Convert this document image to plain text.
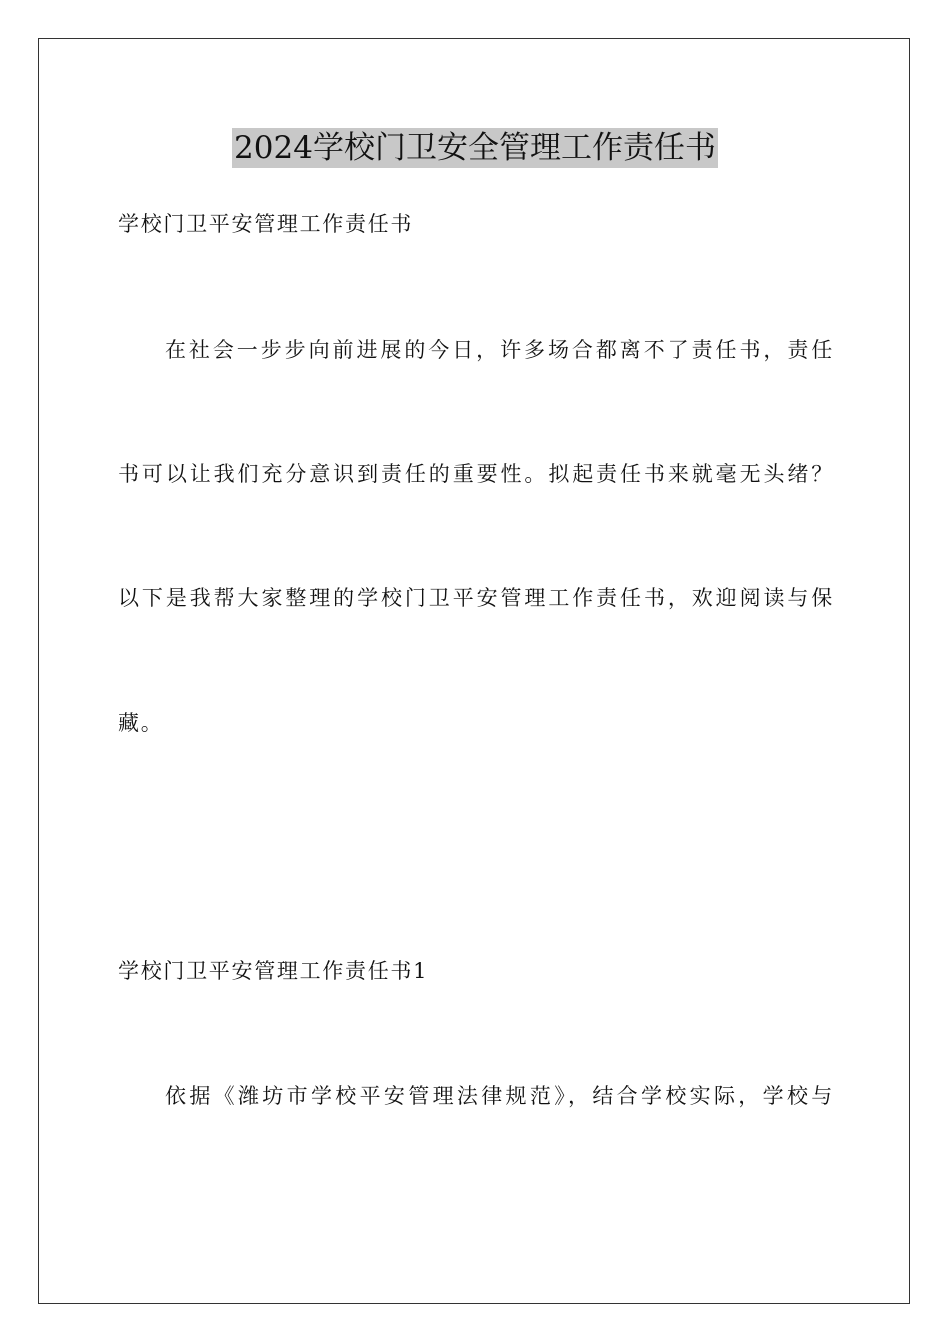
2024学校门卫安全管理工作责任书
学校门卫平安管理工作责任书
在社会一步步向前进展的今日，许多场合都离不了责任书，责任
书可以让我们充分意识到责任的重要性。拟起责任书来就毫无头绪？
以下是我帮大家整理的学校门卫平安管理工作责任书，欢迎阅读与保
藏。
学校门卫平安管理工作责任书1
依据《潍坊市学校平安管理法律规范》，结合学校实际，学校与
